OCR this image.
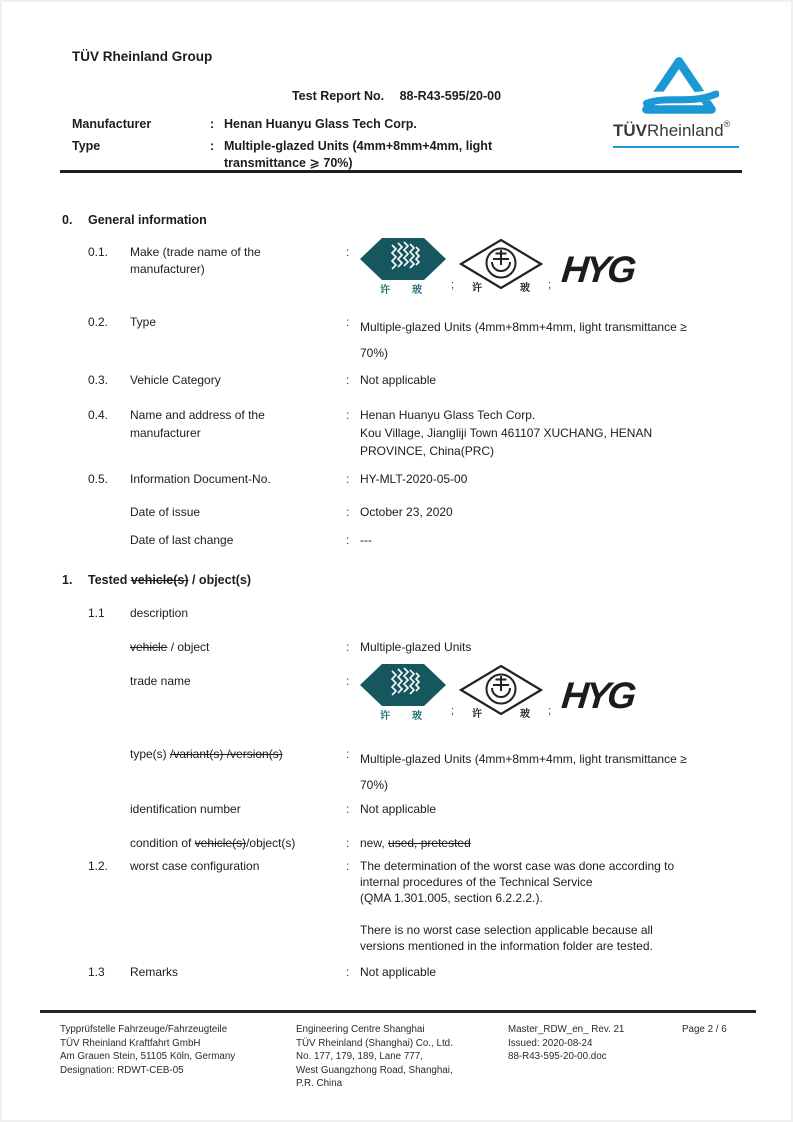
TÜV Rheinland Group
TÜVRheinland®
Test Report No. 88-R43-595/20-00
Manufacturer	: Henan Huanyu Glass Tech Corp.
Type	: Multiple-glazed Units (4mm+8mm+4mm, light
transmittance ⩾ 70%)
0.	General information
0.1.	Make (trade name of the
manufacturer)
:
许 玻	; 许	玻 ; HYG
0.2.	Type	: Multiple-glazed Units (4mm+8mm+4mm, light transmittance ≥
70%)
0.3.	Vehicle Category	: Not applicable
0.4.	Name and address of the
manufacturer
: Henan Huanyu Glass Tech Corp.
Kou Village, Jiangliji Town 461107 XUCHANG, HENAN
PROVINCE, China(PRC)
0.5.	Information Document-No.	: HY-MLT-2020-05-00
Date of issue	: October 23, 2020
Date of last change	: ---
1.	Tested vehicle(s) / object(s)
1.1	description
vehicle / object	: Multiple-glazed Units
trade name	:
许 玻	; 许	玻 ; HYG
type(s) /variant(s) /version(s)	: Multiple-glazed Units (4mm+8mm+4mm, light transmittance ≥
70%)
identification number	: Not applicable
condition of vehicle(s)/object(s)	: new, used, pretested
1.2.	worst case configuration	: The determination of the worst case was done according to
internal procedures of the Technical Service
(QMA 1.301.005, section 6.2.2.2.).
There is no worst case selection applicable because all
versions mentioned in the information folder are tested.
1.3	Remarks	: Not applicable
Typprüfstelle Fahrzeuge/Fahrzeugteile
TÜV Rheinland Kraftfahrt GmbH
Am Grauen Stein, 51105 Köln, Germany
Designation: RDWT-CEB-05
Engineering Centre Shanghai
TÜV Rheinland (Shanghai) Co., Ltd.
No. 177, 179, 189, Lane 777,
West Guangzhong Road, Shanghai,
P.R. China
Master_RDW_en_ Rev. 21
Issued: 2020-08-24
88-R43-595-20-00.doc
Page 2 / 6
